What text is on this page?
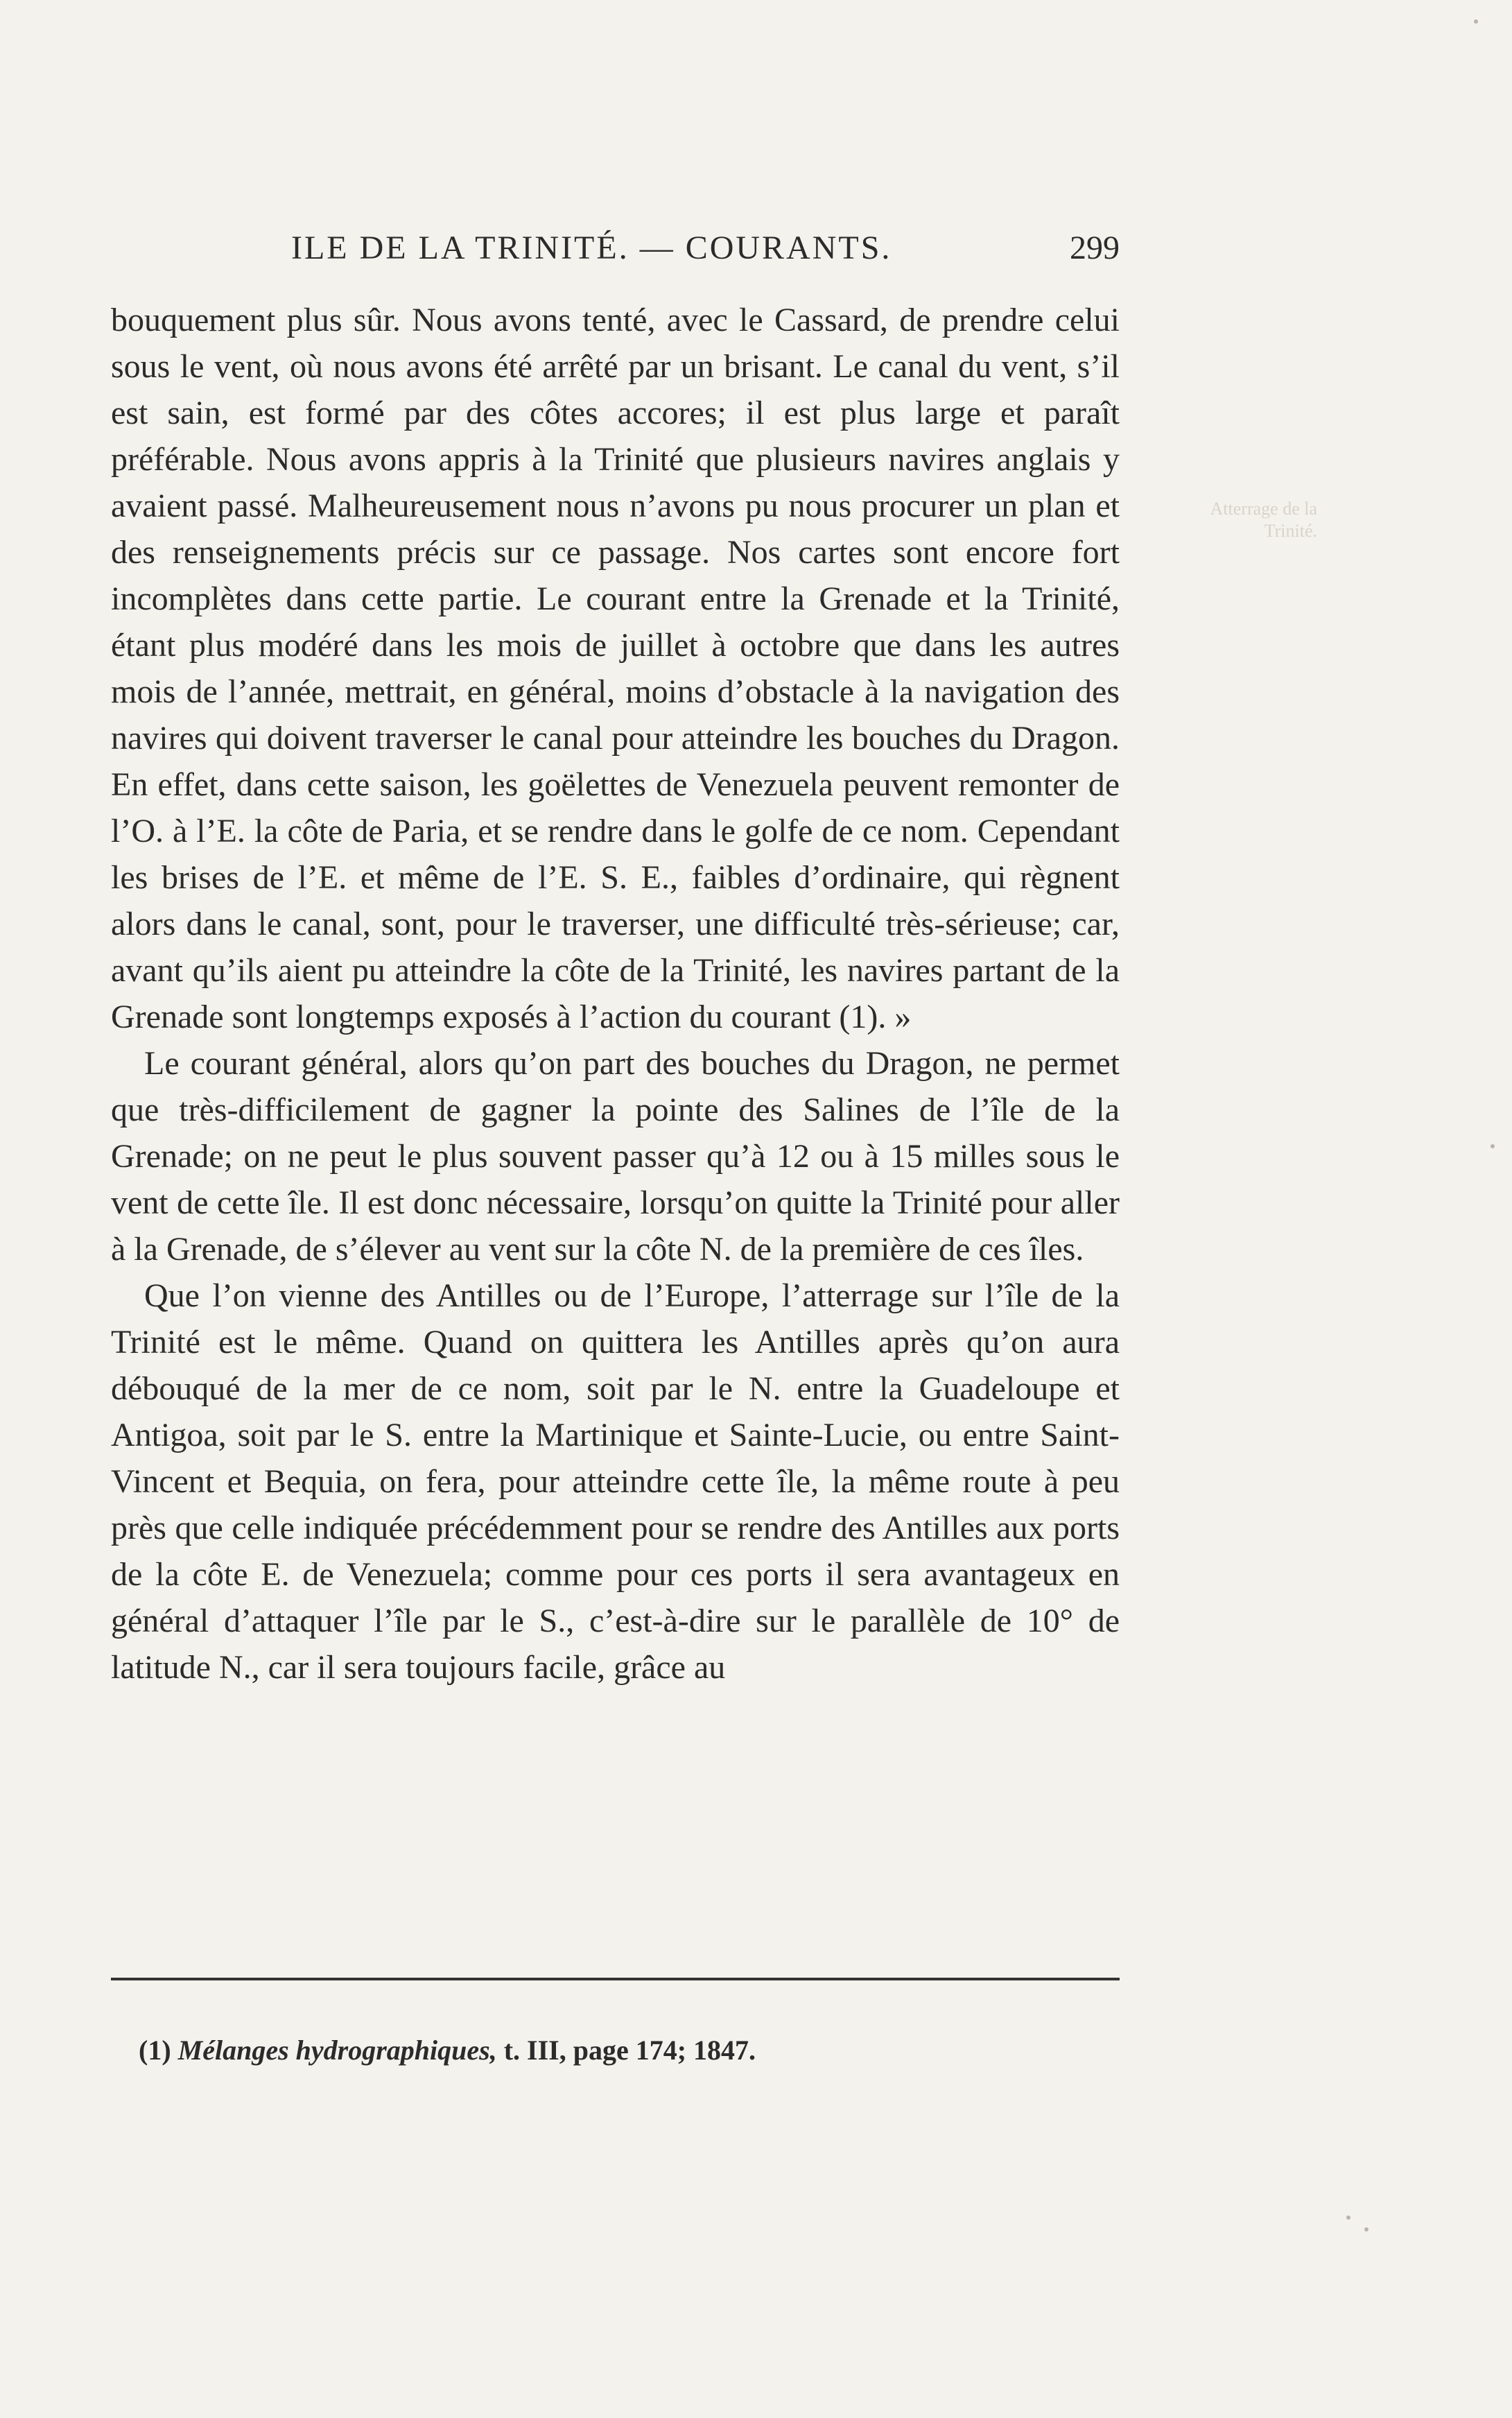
ILE DE LA TRINITÉ. — COURANTS.	299
Atterrage de la Trinité.

bouquement plus sûr. Nous avons tenté, avec le Cassard, de prendre celui sous le vent, où nous avons été arrêté par un brisant. Le canal du vent, s’il est sain, est formé par des côtes accores; il est plus large et paraît préférable. Nous avons appris à la Trinité que plusieurs navires anglais y avaient passé. Malheureusement nous n’avons pu nous procurer un plan et des renseignements précis sur ce passage. Nos cartes sont encore fort incomplètes dans cette partie. Le courant entre la Grenade et la Trinité, étant plus modéré dans les mois de juillet à octobre que dans les autres mois de l’année, mettrait, en général, moins d’obstacle à la navigation des navires qui doivent traverser le canal pour atteindre les bouches du Dragon. En effet, dans cette saison, les goëlettes de Venezuela peuvent remonter de l’O. à l’E. la côte de Paria, et se rendre dans le golfe de ce nom. Cependant les brises de l’E. et même de l’E. S. E., faibles d’ordinaire, qui règnent alors dans le canal, sont, pour le traverser, une difficulté très-sérieuse; car, avant qu’ils aient pu atteindre la côte de la Trinité, les navires partant de la Grenade sont longtemps exposés à l’action du courant (1). »

Le courant général, alors qu’on part des bouches du Dragon, ne permet que très-difficilement de gagner la pointe des Salines de l’île de la Grenade; on ne peut le plus souvent passer qu’à 12 ou à 15 milles sous le vent de cette île. Il est donc nécessaire, lorsqu’on quitte la Trinité pour aller à la Grenade, de s’élever au vent sur la côte N. de la première de ces îles.

Que l’on vienne des Antilles ou de l’Europe, l’atterrage sur l’île de la Trinité est le même. Quand on quittera les Antilles après qu’on aura débouqué de la mer de ce nom, soit par le N. entre la Guadeloupe et Antigoa, soit par le S. entre la Martinique et Sainte-Lucie, ou entre Saint-Vincent et Bequia, on fera, pour atteindre cette île, la même route à peu près que celle indiquée précédemment pour se rendre des Antilles aux ports de la côte E. de Venezuela; comme pour ces ports il sera avantageux en général d’attaquer l’île par le S., c’est-à-dire sur le parallèle de 10° de latitude N., car il sera toujours facile, grâce au

(1) Mélanges hydrographiques, t. III, page 174; 1847.
